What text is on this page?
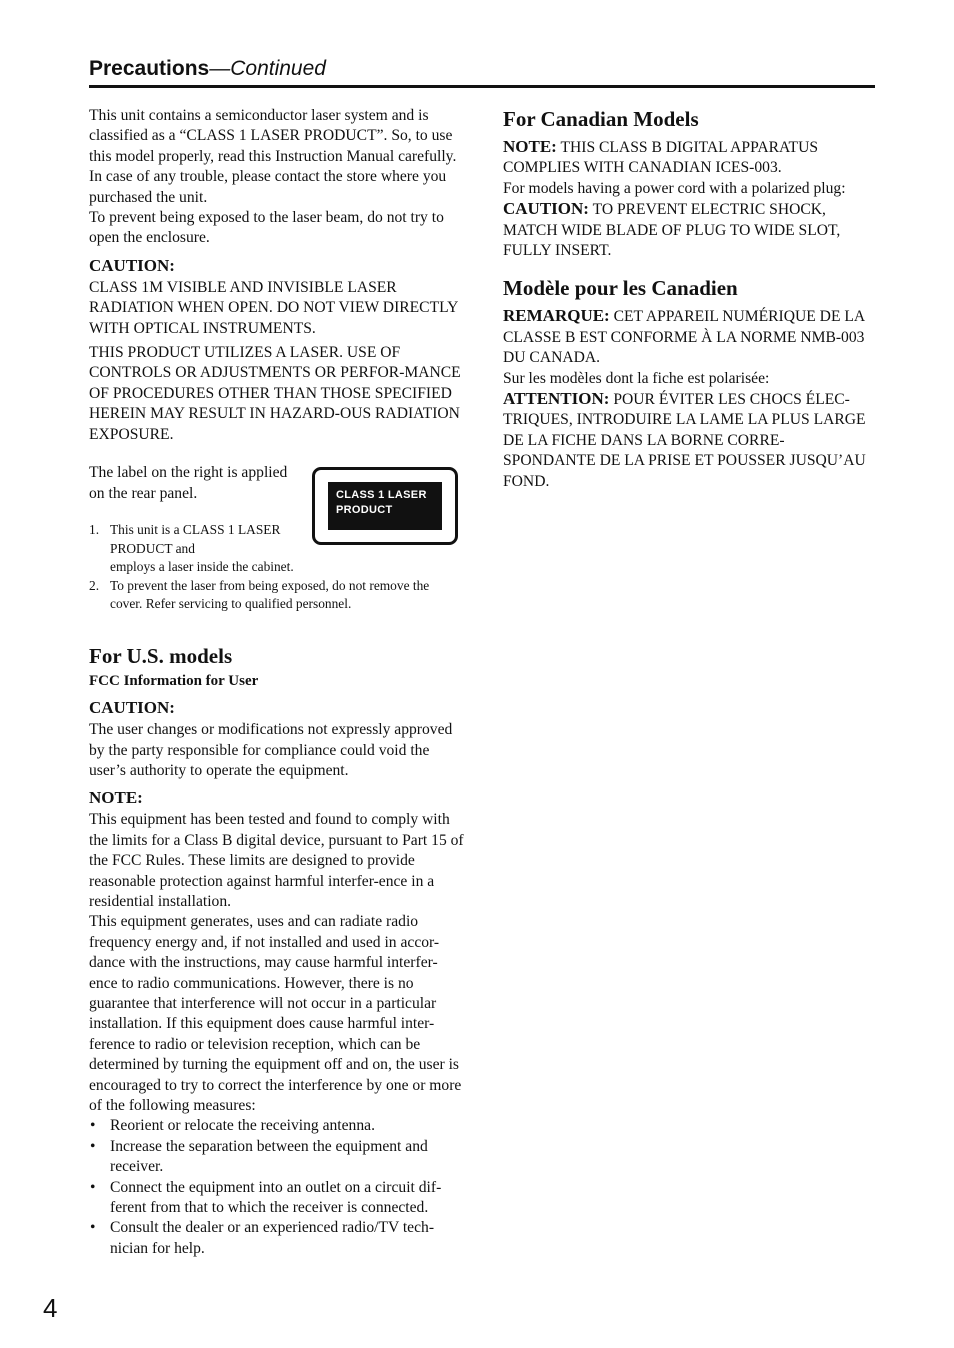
Precautions—Continued

This unit contains a semiconductor laser system and is classified as a “CLASS 1 LASER PRODUCT”. So, to use this model properly, read this Instruction Manual carefully. In case of any trouble, please contact the store where you purchased the unit.

To prevent being exposed to the laser beam, do not try to open the enclosure.

CAUTION:

CLASS 1M VISIBLE AND INVISIBLE LASER RADIATION WHEN OPEN. DO NOT VIEW DIRECTLY WITH OPTICAL INSTRUMENTS.

THIS PRODUCT UTILIZES A LASER. USE OF CONTROLS OR ADJUSTMENTS OR PERFOR-MANCE OF PROCEDURES OTHER THAN THOSE SPECIFIED HEREIN MAY RESULT IN HAZARD-OUS RADIATION EXPOSURE.

The label on the right is applied on the rear panel.	CLASS 1 LASER
PRODUCT
1. This unit is a CLASS 1 LASER PRODUCT and
employs a laser inside the cabinet.
2. To prevent the laser from being exposed, do not remove the cover. Refer servicing to qualified personnel.
For U.S. models
FCC Information for User
CAUTION:

The user changes or modifications not expressly approved by the party responsible for compliance could void the user’s authority to operate the equipment.

NOTE:

This equipment has been tested and found to comply with the limits for a Class B digital device, pursuant to Part 15 of the FCC Rules. These limits are designed to provide reasonable protection against harmful interfer-ence in a residential installation.

This equipment generates, uses and can radiate radio frequency energy and, if not installed and used in accor-dance with the instructions, may cause harmful interfer-ence to radio communications. However, there is no guarantee that interference will not occur in a particular installation. If this equipment does cause harmful inter-ference to radio or television reception, which can be determined by turning the equipment off and on, the user is encouraged to try to correct the interference by one or more of the following measures:

• Reorient or relocate the receiving antenna.
• Increase the separation between the equipment and receiver.
• Connect the equipment into an outlet on a circuit dif-ferent from that to which the receiver is connected.
• Consult the dealer or an experienced radio/TV tech-nician for help.
For Canadian Models

NOTE: THIS CLASS B DIGITAL APPARATUS COMPLIES WITH CANADIAN ICES-003.

For models having a power cord with a polarized plug:

CAUTION: TO PREVENT ELECTRIC SHOCK, MATCH WIDE BLADE OF PLUG TO WIDE SLOT, FULLY INSERT.

Modèle pour les Canadien

REMARQUE: CET APPAREIL NUMÉRIQUE DE LA CLASSE B EST CONFORME À LA NORME NMB-003 DU CANADA.

Sur les modèles dont la fiche est polarisée:

ATTENTION: POUR ÉVITER LES CHOCS ÉLEC-TRIQUES, INTRODUIRE LA LAME LA PLUS LARGE DE LA FICHE DANS LA BORNE CORRE-SPONDANTE DE LA PRISE ET POUSSER JUSQU’AU FOND.

4
